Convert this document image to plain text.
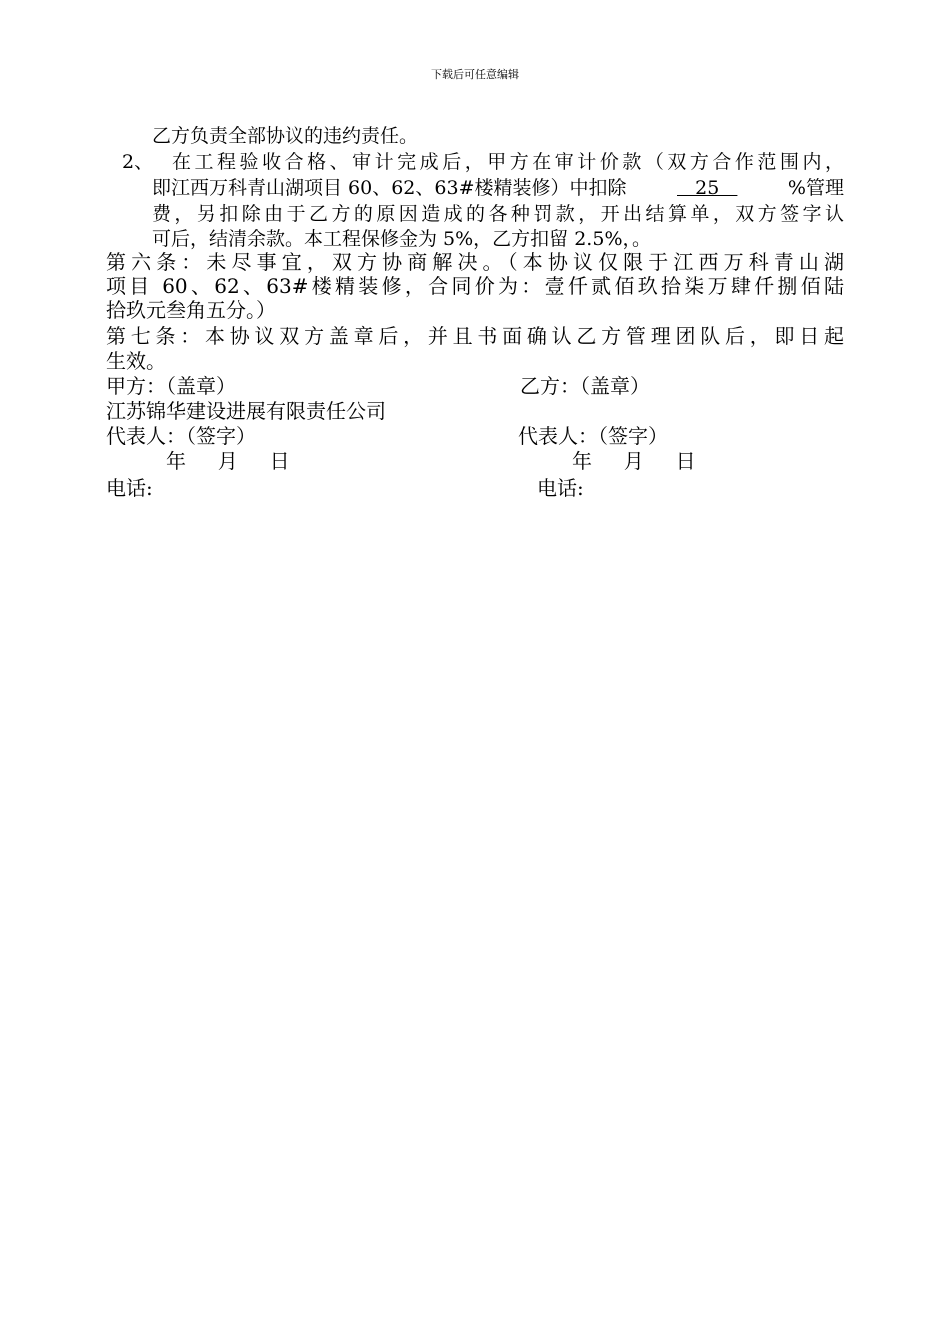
下载后可任意编辑
乙方负责全部协议的违约责任。
2、 在工程验收合格、审计完成后，甲方在审计价款（双方合作范围内，
即江西万科青山湖项目 60、62、63#楼精装修）中扣除	25	%管理
费，另扣除由于乙方的原因造成的各种罚款，开出结算单，双方签字认
可后，结清余款。本工程保修金为 5%，乙方扣留 2.5%，。
第六条：未尽事宜，双方协商解决。（本协议仅限于江西万科青山湖
项目 60、62、63#楼精装修，合同价为：壹仟贰佰玖拾柒万肆仟捌佰陆
拾玖元叁角五分。）
第七条：本协议双方盖章后，并且书面确认乙方管理团队后，即日起
生效。
甲方：（盖章）	乙方：（盖章）
江苏锦华建设进展有限责任公司
代表人：（签字）	代表人：（签字）
年     月     日	年     月     日
电话:	电话:
